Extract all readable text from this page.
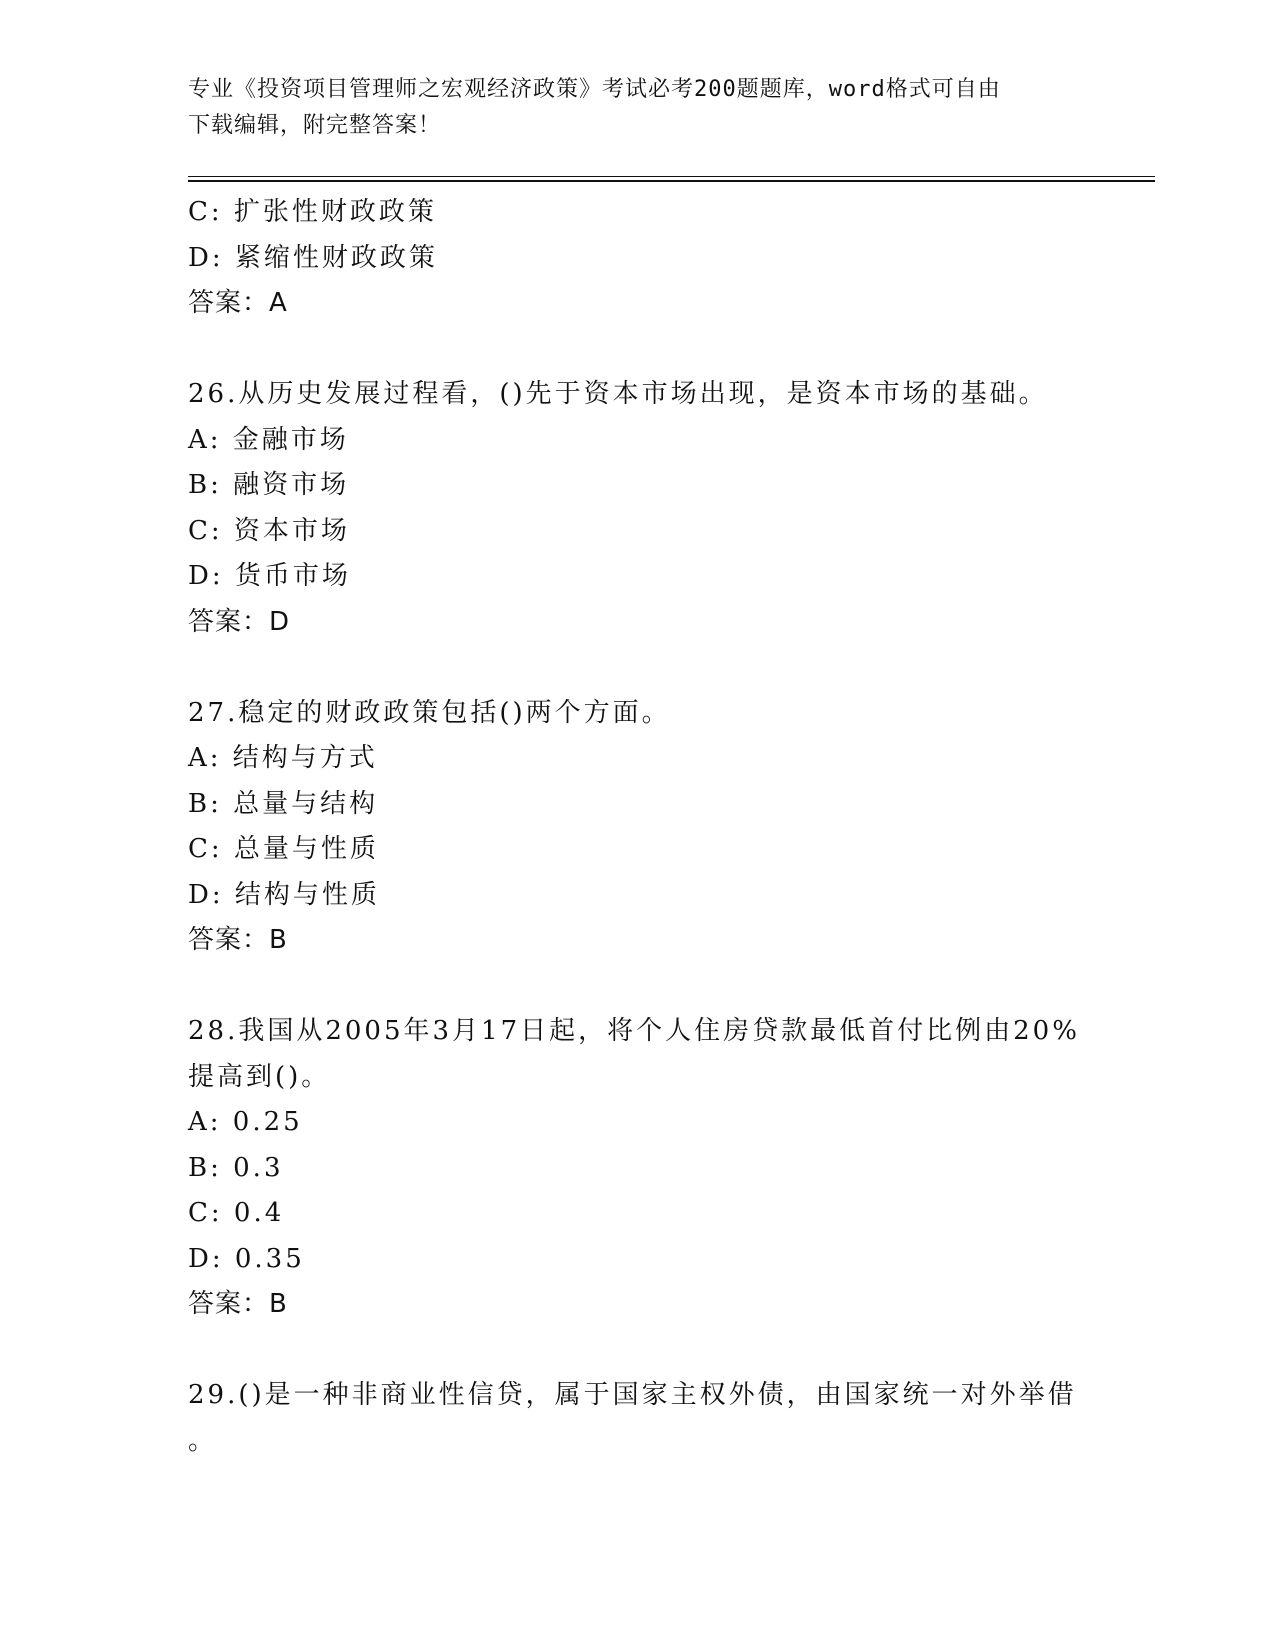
专业《投资项目管理师之宏观经济政策》考试必考200题题库，word格式可自由
下载编辑，附完整答案！
C: 扩张性财政政策
D: 紧缩性财政政策
答案：A
26.从历史发展过程看，()先于资本市场出现，是资本市场的基础。
A: 金融市场
B: 融资市场
C: 资本市场
D: 货币市场
答案：D
27.稳定的财政政策包括()两个方面。
A: 结构与方式
B: 总量与结构
C: 总量与性质
D: 结构与性质
答案：B
28.我国从2005年3月17日起，将个人住房贷款最低首付比例由20%
提高到()。
A: 0.25
B: 0.3
C: 0.4
D: 0.35
答案：B
29.()是一种非商业性信贷，属于国家主权外债，由国家统一对外举借
。
